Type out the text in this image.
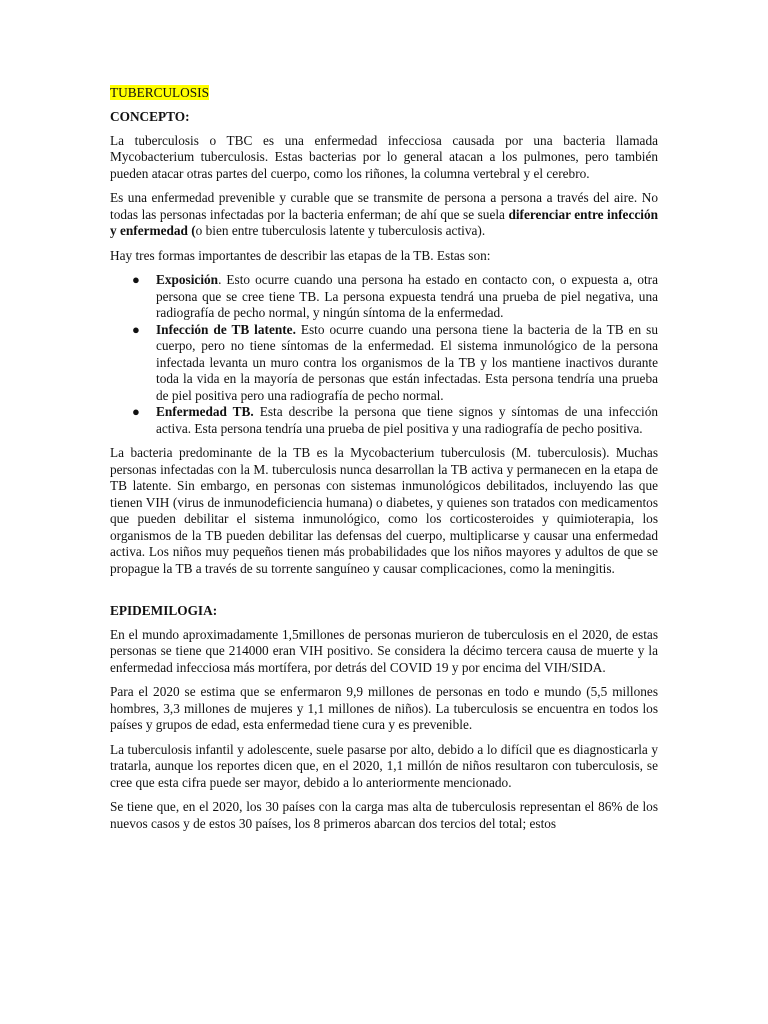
TUBERCULOSIS
CONCEPTO:

La tuberculosis o TBC es una enfermedad infecciosa causada por una bacteria llamada Mycobacterium tuberculosis. Estas bacterias por lo general atacan a los pulmones, pero también pueden atacar otras partes del cuerpo, como los riñones, la columna vertebral y el cerebro.

Es una enfermedad prevenible y curable que se transmite de persona a persona a través del aire. No todas las personas infectadas por la bacteria enferman; de ahí que se suela diferenciar entre infección y enfermedad (o bien entre tuberculosis latente y tuberculosis activa).

Hay tres formas importantes de describir las etapas de la TB. Estas son:

● Exposición. Esto ocurre cuando una persona ha estado en contacto con, o expuesta a, otra persona que se cree tiene TB. La persona expuesta tendrá una prueba de piel negativa, una radiografía de pecho normal, y ningún síntoma de la enfermedad.
● Infección de TB latente. Esto ocurre cuando una persona tiene la bacteria de la TB en su cuerpo, pero no tiene síntomas de la enfermedad. El sistema inmunológico de la persona infectada levanta un muro contra los organismos de la TB y los mantiene inactivos durante toda la vida en la mayoría de personas que están infectadas. Esta persona tendría una prueba de piel positiva pero una radiografía de pecho normal.
● Enfermedad TB. Esta describe la persona que tiene signos y síntomas de una infección activa. Esta persona tendría una prueba de piel positiva y una radiografía de pecho positiva.

La bacteria predominante de la TB es la Mycobacterium tuberculosis (M. tuberculosis). Muchas personas infectadas con la M. tuberculosis nunca desarrollan la TB activa y permanecen en la etapa de TB latente. Sin embargo, en personas con sistemas inmunológicos debilitados, incluyendo las que tienen VIH (virus de inmunodeficiencia humana) o diabetes, y quienes son tratados con medicamentos que pueden debilitar el sistema inmunológico, como los corticosteroides y quimioterapia, los organismos de la TB pueden debilitar las defensas del cuerpo, multiplicarse y causar una enfermedad activa. Los niños muy pequeños tienen más probabilidades que los niños mayores y adultos de que se propague la TB a través de su torrente sanguíneo y causar complicaciones, como la meningitis.

EPIDEMILOGIA:

En el mundo aproximadamente 1,5millones de personas murieron de tuberculosis en el 2020, de estas personas se tiene que 214000 eran VIH positivo. Se considera la décimo tercera causa de muerte y la enfermedad infecciosa más mortífera, por detrás del COVID 19 y por encima del VIH/SIDA.

Para el 2020 se estima que se enfermaron 9,9 millones de personas en todo e mundo (5,5 millones hombres, 3,3 millones de mujeres y 1,1 millones de niños). La tuberculosis se encuentra en todos los países y grupos de edad, esta enfermedad tiene cura y es prevenible.

La tuberculosis infantil y adolescente, suele pasarse por alto, debido a lo difícil que es diagnosticarla y tratarla, aunque los reportes dicen que, en el 2020, 1,1 millón de niños resultaron con tuberculosis, se cree que esta cifra puede ser mayor, debido a lo anteriormente mencionado.

Se tiene que, en el 2020, los 30 países con la carga mas alta de tuberculosis representan el 86% de los nuevos casos y de estos 30 países, los 8 primeros abarcan dos tercios del total; estos
